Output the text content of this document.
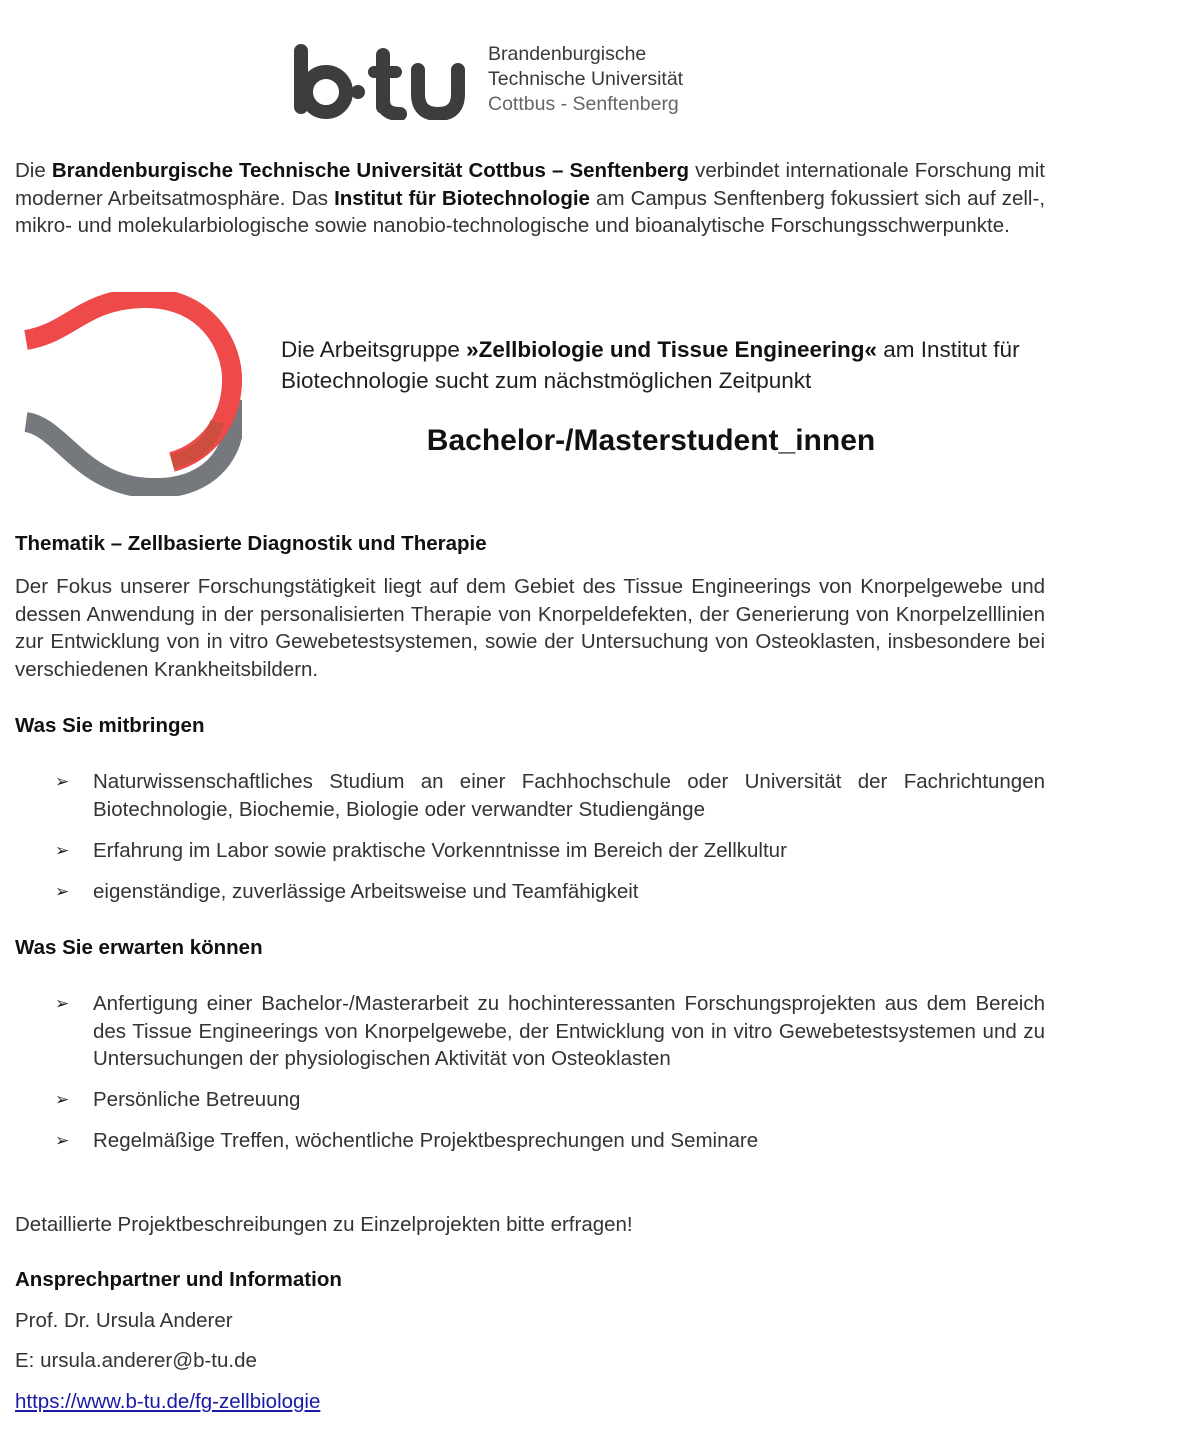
Brandenburgische
Technische Universität
Cottbus - Senftenberg

Die Brandenburgische Technische Universität Cottbus – Senftenberg verbindet internationale Forschung mit moderner Arbeitsatmosphäre. Das Institut für Biotechnologie am Campus Senftenberg fokussiert sich auf zell-, mikro- und molekularbiologische sowie nanobio-technologische und bioanalytische Forschungsschwerpunkte.

Die Arbeitsgruppe »Zellbiologie und Tissue Engineering« am Institut für Biotechnologie sucht zum nächstmöglichen Zeitpunkt

Bachelor-/Masterstudent_innen
Thematik – Zellbasierte Diagnostik und Therapie

Der Fokus unserer Forschungstätigkeit liegt auf dem Gebiet des Tissue Engineerings von Knorpelgewebe und dessen Anwendung in der personalisierten Therapie von Knorpeldefekten, der Generierung von Knorpelzelllinien zur Entwicklung von in vitro Gewebetestsystemen, sowie der Untersuchung von Osteoklasten, insbesondere bei verschiedenen Krankheitsbildern.

Was Sie mitbringen
➢ Naturwissenschaftliches Studium an einer Fachhochschule oder Universität der Fachrichtungen Biotechnologie, Biochemie, Biologie oder verwandter Studiengänge
➢ Erfahrung im Labor sowie praktische Vorkenntnisse im Bereich der Zellkultur
➢ eigenständige, zuverlässige Arbeitsweise und Teamfähigkeit
Was Sie erwarten können
➢ Anfertigung einer Bachelor-/Masterarbeit zu hochinteressanten Forschungsprojekten aus dem Bereich des Tissue Engineerings von Knorpelgewebe, der Entwicklung von in vitro Gewebetestsystemen und zu Untersuchungen der physiologischen Aktivität von Osteoklasten
➢ Persönliche Betreuung
➢ Regelmäßige Treffen, wöchentliche Projektbesprechungen und Seminare

Detaillierte Projektbeschreibungen zu Einzelprojekten bitte erfragen!

Ansprechpartner und Information

Prof. Dr. Ursula Anderer

E: ursula.anderer@b-tu.de

https://www.b-tu.de/fg-zellbiologie
